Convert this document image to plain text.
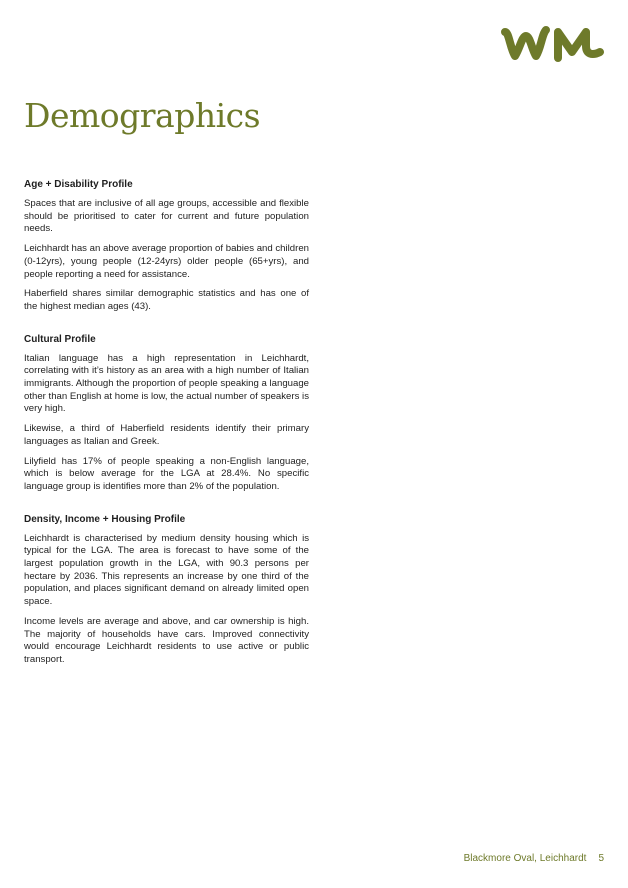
Demographics
Age + Disability Profile

Spaces that are inclusive of all age groups, accessible and flexible should be prioritised to cater for current and future population needs.

Leichhardt has an above average proportion of babies and children (0-12yrs), young people (12-24yrs) older people (65+yrs), and people reporting a need for assistance.

Haberfield shares similar demographic statistics and has one of the highest median ages (43).

Cultural Profile

Italian language has a high representation in Leichhardt, correlating with it’s history as an area with a high number of Italian immigrants. Although the proportion of people speaking a language other than English at home is low, the actual number of speakers is very high.

Likewise, a third of Haberfield residents identify their primary languages as Italian and Greek.

Lilyfield has 17% of people speaking a non-English language, which is below average for the LGA at 28.4%. No specific language group is identifies more than 2% of the population.

Density, Income + Housing Profile

Leichhardt is characterised by medium density housing which is typical for the LGA. The area is forecast to have some of the largest population growth in the LGA, with 90.3 persons per hectare by 2036. This represents an increase by one third of the population, and places significant demand on already limited open space.

Income levels are average and above, and car ownership is high. The majority of households have cars. Improved connectivity would encourage Leichhardt residents to use active or public transport.

Blackmore Oval, Leichhardt 5
